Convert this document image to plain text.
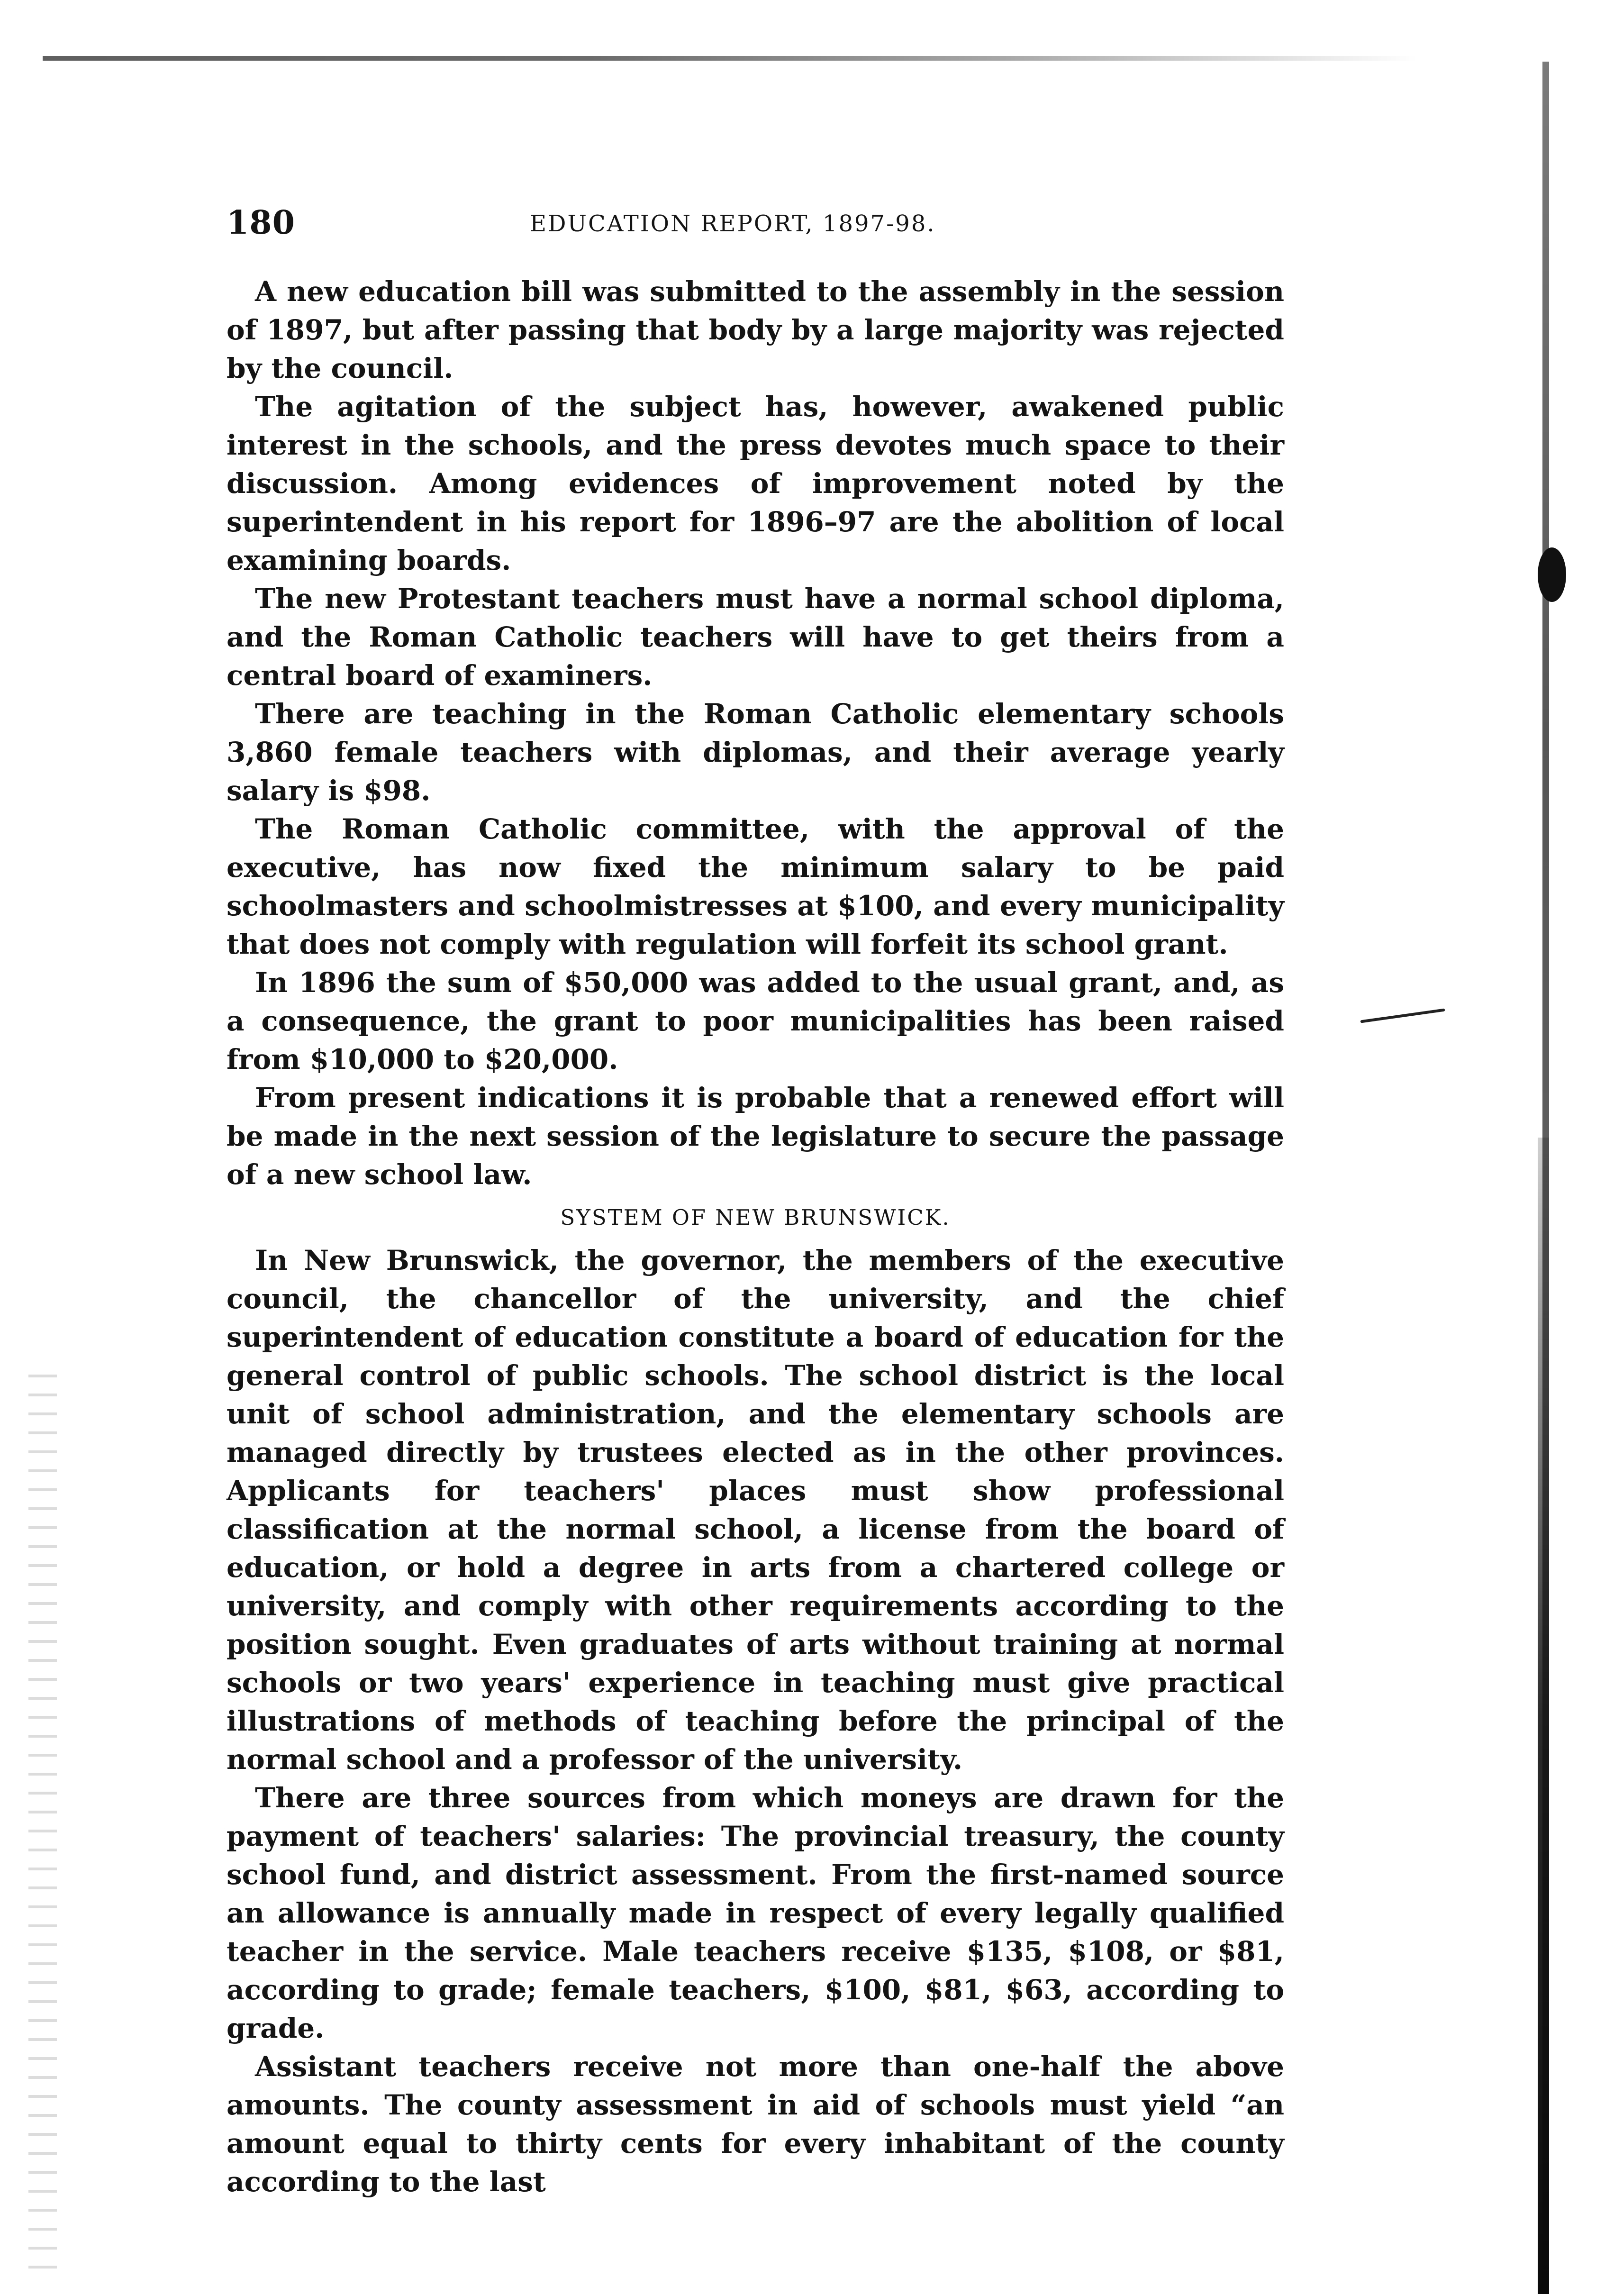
180	EDUCATION REPORT, 1897-98.

A new education bill was submitted to the assembly in the session of 1897, but after passing that body by a large majority was rejected by the council.

The agitation of the subject has, however, awakened public interest in the schools, and the press devotes much space to their discussion. Among evidences of improvement noted by the superintendent in his report for 1896–97 are the abolition of local examining boards.

The new Protestant teachers must have a normal school diploma, and the Roman Catholic teachers will have to get theirs from a central board of examiners.

There are teaching in the Roman Catholic elementary schools 3,860 female teachers with diplomas, and their average yearly salary is $98.

The Roman Catholic committee, with the approval of the executive, has now fixed the minimum salary to be paid schoolmasters and schoolmistresses at $100, and every municipality that does not comply with regulation will forfeit its school grant.

In 1896 the sum of $50,000 was added to the usual grant, and, as a consequence, the grant to poor municipalities has been raised from $10,000 to $20,000.

From present indications it is probable that a renewed effort will be made in the next session of the legislature to secure the passage of a new school law.

SYSTEM OF NEW BRUNSWICK.

In New Brunswick, the governor, the members of the executive council, the chancellor of the university, and the chief superintendent of education constitute a board of education for the general control of public schools. The school district is the local unit of school administration, and the elementary schools are managed directly by trustees elected as in the other provinces. Applicants for teachers' places must show professional classification at the normal school, a license from the board of education, or hold a degree in arts from a chartered college or university, and comply with other requirements according to the position sought. Even graduates of arts without training at normal schools or two years' experience in teaching must give practical illustrations of methods of teaching before the principal of the normal school and a professor of the university.

There are three sources from which moneys are drawn for the payment of teachers' salaries: The provincial treasury, the county school fund, and district assessment. From the first-named source an allowance is annually made in respect of every legally qualified teacher in the service. Male teachers receive $135, $108, or $81, according to grade; female teachers, $100, $81, $63, according to grade.

Assistant teachers receive not more than one-half the above amounts. The county assessment in aid of schools must yield “an amount equal to thirty cents for every inhabitant of the county according to the last
